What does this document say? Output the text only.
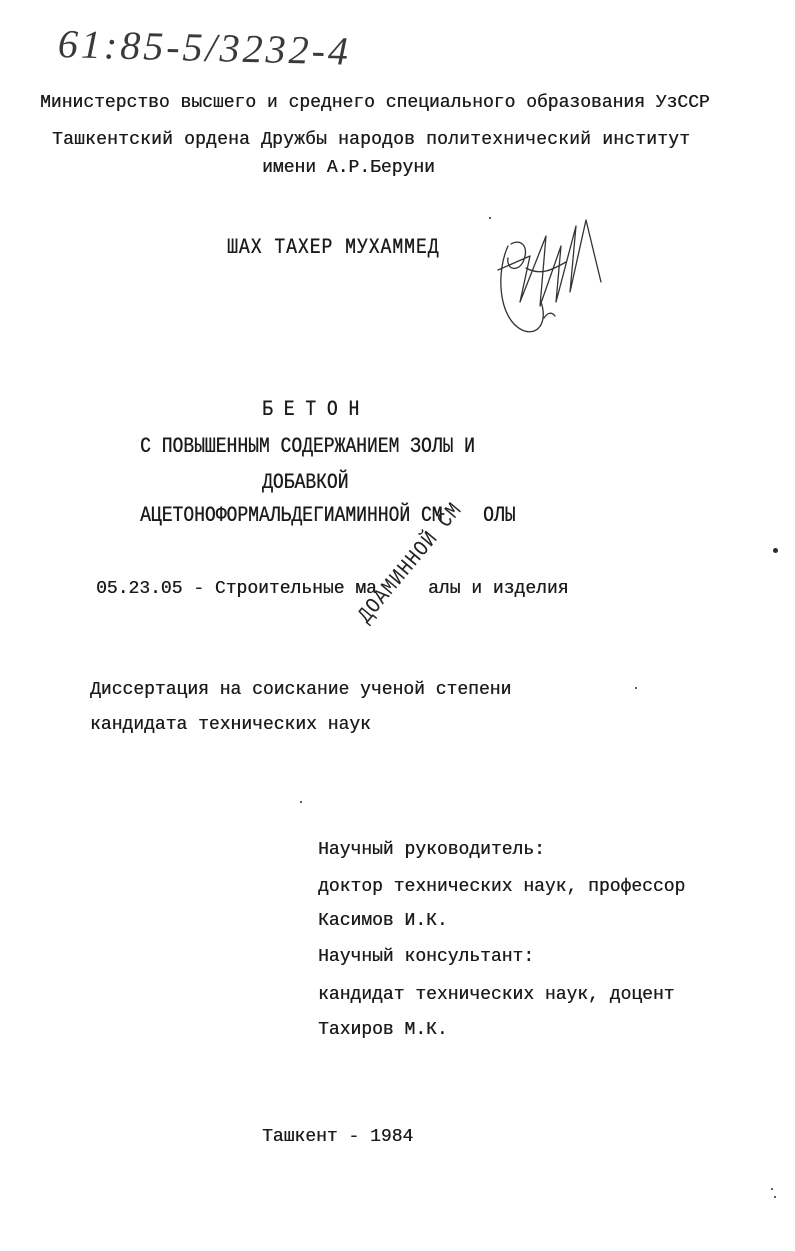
61:85-5/3232-4
Министерство высшего и среднего специального образования УзССР
Ташкентский ордена Дружбы народов политехнический институт
имени А.Р.Беруни
ШАХ ТАХЕР МУХАММЕД
Б Е Т О Н
С ПОВЫШЕННЫМ СОДЕРЖАНИЕМ ЗОЛЫ И
ДОБАВКОЙ
АЦЕТОНОФОРМАЛЬДЕГИАМИННОЙ СМ ОЛЫ
ДОАМИННОЙ СМ
05.23.05 - Строительные ма	алы и изделия
Диссертация на соискание ученой степени
кандидата технических наук
Научный руководитель:
доктор технических наук, профессор
Касимов И.К.
Научный консультант:
кандидат технических наук, доцент
Тахиров М.К.
Ташкент - 1984
